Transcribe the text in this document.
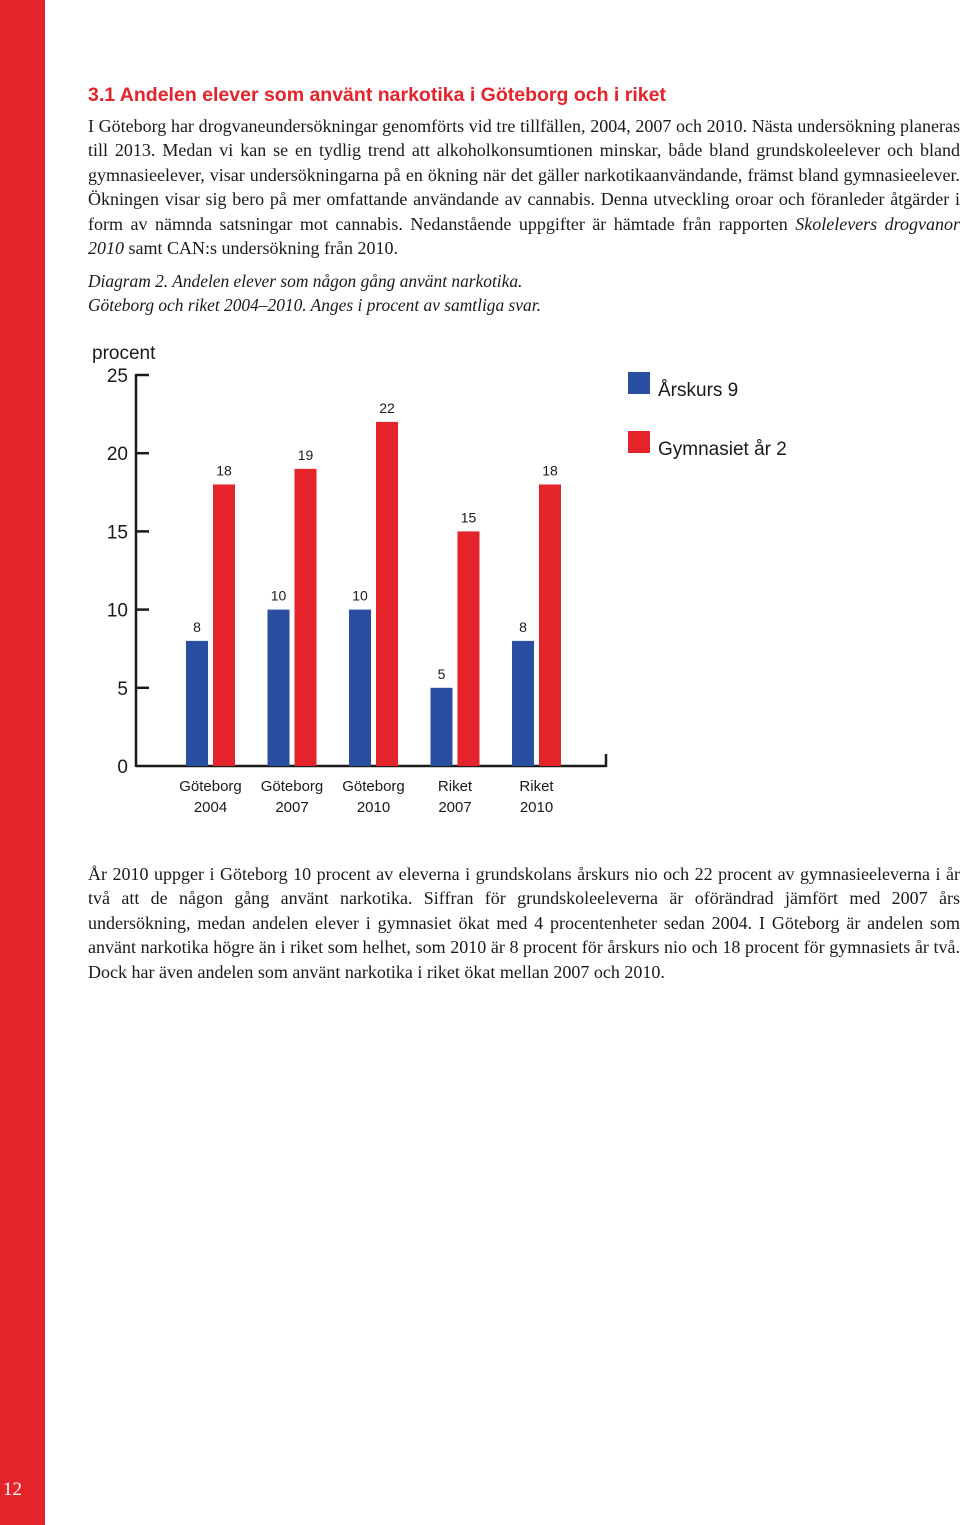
12
3.1 Andelen elever som använt narkotika i Göteborg och i riket
I Göteborg har drogvaneundersökningar genomförts vid tre tillfällen, 2004, 2007 och 2010. Nästa undersökning planeras till 2013. Medan vi kan se en tydlig trend att alkoholkonsumtionen minskar, både bland grundskoleelever och bland gymnasieelever, visar undersökningarna på en ökning när det gäller narkotikaanvändande, främst bland gymnasieelever. Ökningen visar sig bero på mer omfattande användande av cannabis. Denna utveckling oroar och föranleder åtgärder i form av nämnda satsningar mot cannabis. Nedanstående uppgifter är hämtade från rapporten Skolelevers drogvanor 2010 samt CAN:s undersökning från 2010.
Diagram 2. Andelen elever som någon gång använt narkotika.
Göteborg och riket 2004–2010. Anges i procent av samtliga svar.
procent
0
5
10
15
20
25
8
10	10
5
8
18
19
22
15
18
Göteborg
2004
Göteborg
2007
Göteborg
2010
Riket
2007
Riket
2010
Årskurs 9
Gymnasiet år 2
År 2010 uppger i Göteborg 10 procent av eleverna i grundskolans årskurs nio och 22 procent av gymnasieeleverna i år två att de någon gång använt narkotika. Siffran för grundskoleeleverna är oförändrad jämfört med 2007 års undersökning, medan andelen elever i gymnasiet ökat med 4 procentenheter sedan 2004. I Göteborg är andelen som använt narkotika högre än i riket som helhet, som 2010 är 8 procent för årskurs nio och 18 procent för gymnasiets år två. Dock har även andelen som använt narkotika i riket ökat mellan 2007 och 2010.
